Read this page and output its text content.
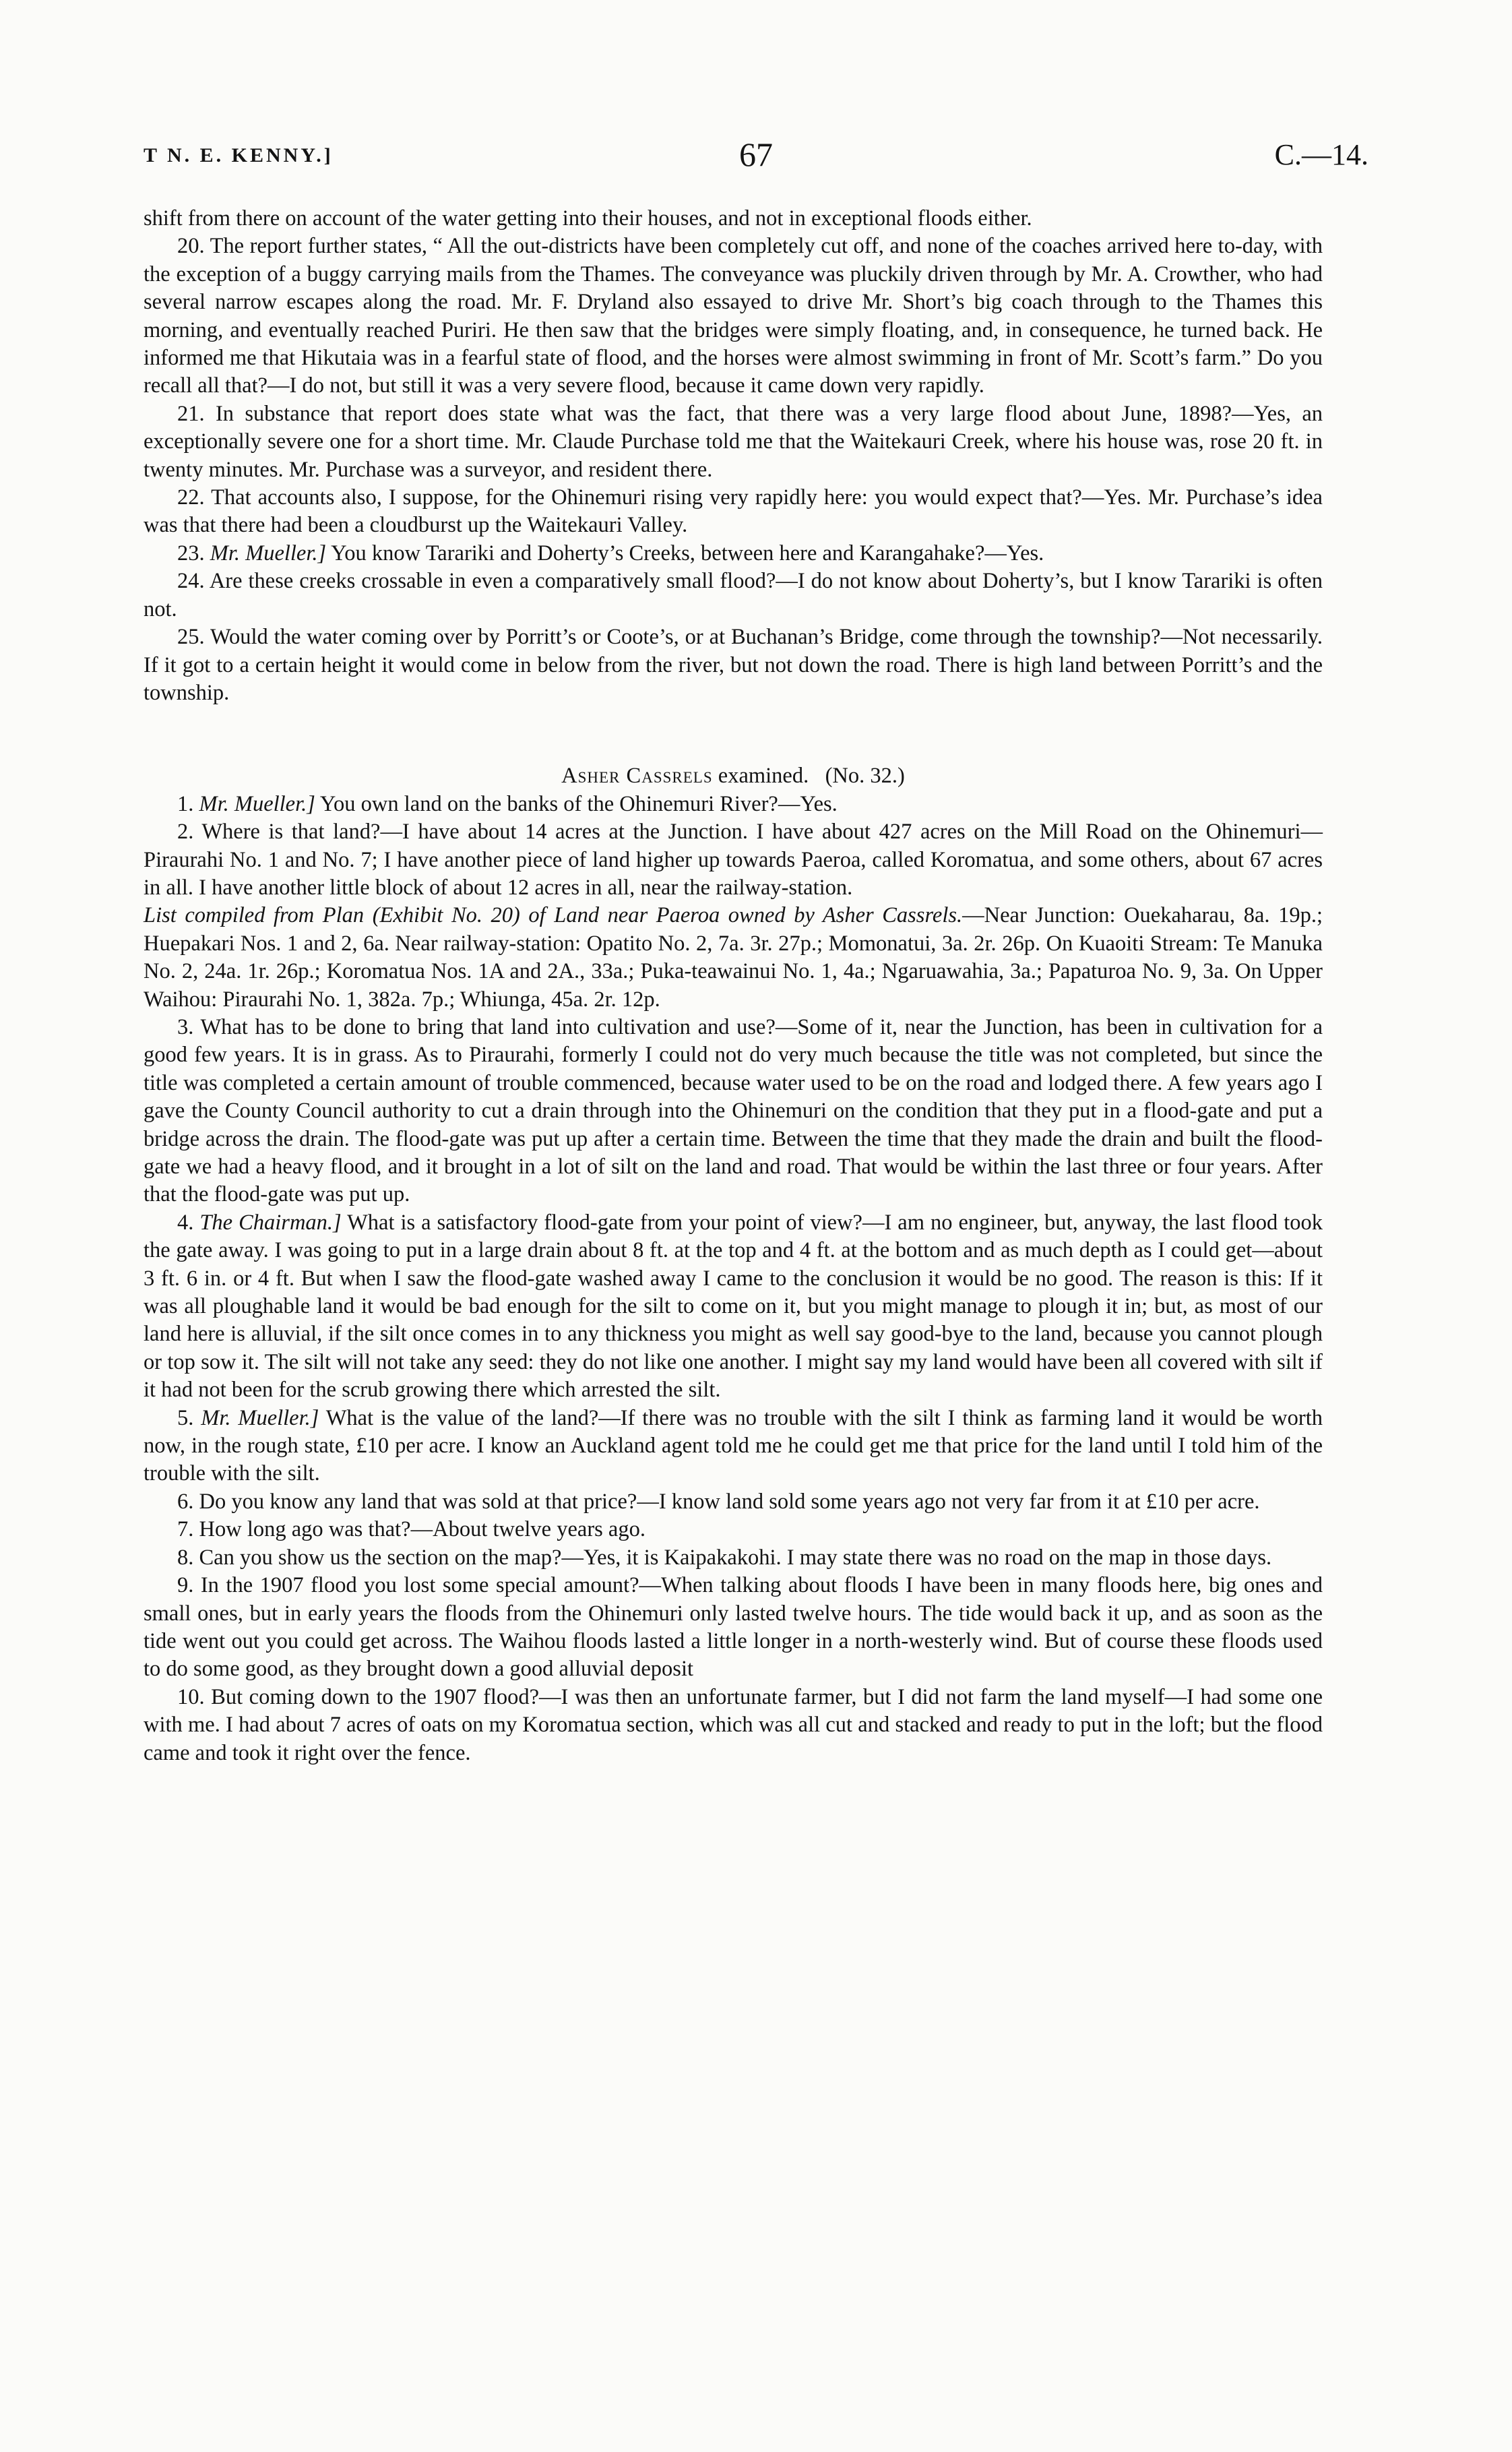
T N. E. KENNY.]	67	C.—14.

shift from there on account of the water getting into their houses, and not in exceptional floods either.

20. The report further states, “ All the out-districts have been completely cut off, and none of the coaches arrived here to-day, with the exception of a buggy carrying mails from the Thames. The conveyance was pluckily driven through by Mr. A. Crowther, who had several narrow escapes along the road. Mr. F. Dryland also essayed to drive Mr. Short’s big coach through to the Thames this morning, and eventually reached Puriri. He then saw that the bridges were simply floating, and, in consequence, he turned back. He informed me that Hikutaia was in a fearful state of flood, and the horses were almost swimming in front of Mr. Scott’s farm.” Do you recall all that?—I do not, but still it was a very severe flood, because it came down very rapidly.

21. In substance that report does state what was the fact, that there was a very large flood about June, 1898?—Yes, an exceptionally severe one for a short time. Mr. Claude Purchase told me that the Waitekauri Creek, where his house was, rose 20 ft. in twenty minutes. Mr. Purchase was a surveyor, and resident there.

22. That accounts also, I suppose, for the Ohinemuri rising very rapidly here: you would expect that?—Yes. Mr. Purchase’s idea was that there had been a cloudburst up the Waitekauri Valley.

23. Mr. Mueller.] You know Tarariki and Doherty’s Creeks, between here and Karangahake?—Yes.

24. Are these creeks crossable in even a comparatively small flood?—I do not know about Doherty’s, but I know Tarariki is often not.

25. Would the water coming over by Porritt’s or Coote’s, or at Buchanan’s Bridge, come through the township?—Not necessarily. If it got to a certain height it would come in below from the river, but not down the road. There is high land between Porritt’s and the township.

Asher Cassrels examined. (No. 32.)

1. Mr. Mueller.] You own land on the banks of the Ohinemuri River?—Yes.

2. Where is that land?—I have about 14 acres at the Junction. I have about 427 acres on the Mill Road on the Ohinemuri—Piraurahi No. 1 and No. 7; I have another piece of land higher up towards Paeroa, called Koromatua, and some others, about 67 acres in all. I have another little block of about 12 acres in all, near the railway-station.

List compiled from Plan (Exhibit No. 20) of Land near Paeroa owned by Asher Cassrels.—Near Junction: Ouekaharau, 8a. 19p.; Huepakari Nos. 1 and 2, 6a. Near railway-station: Opatito No. 2, 7a. 3r. 27p.; Momonatui, 3a. 2r. 26p. On Kuaoiti Stream: Te Manuka No. 2, 24a. 1r. 26p.; Koromatua Nos. 1A and 2A., 33a.; Puka-teawainui No. 1, 4a.; Ngaruawahia, 3a.; Papaturoa No. 9, 3a. On Upper Waihou: Piraurahi No. 1, 382a. 7p.; Whiunga, 45a. 2r. 12p.

3. What has to be done to bring that land into cultivation and use?—Some of it, near the Junction, has been in cultivation for a good few years. It is in grass. As to Piraurahi, formerly I could not do very much because the title was not completed, but since the title was completed a certain amount of trouble commenced, because water used to be on the road and lodged there. A few years ago I gave the County Council authority to cut a drain through into the Ohinemuri on the condition that they put in a flood-gate and put a bridge across the drain. The flood-gate was put up after a certain time. Between the time that they made the drain and built the flood-gate we had a heavy flood, and it brought in a lot of silt on the land and road. That would be within the last three or four years. After that the flood-gate was put up.

4. The Chairman.] What is a satisfactory flood-gate from your point of view?—I am no engineer, but, anyway, the last flood took the gate away. I was going to put in a large drain about 8 ft. at the top and 4 ft. at the bottom and as much depth as I could get—about 3 ft. 6 in. or 4 ft. But when I saw the flood-gate washed away I came to the conclusion it would be no good. The reason is this: If it was all ploughable land it would be bad enough for the silt to come on it, but you might manage to plough it in; but, as most of our land here is alluvial, if the silt once comes in to any thickness you might as well say good-bye to the land, because you cannot plough or top sow it. The silt will not take any seed: they do not like one another. I might say my land would have been all covered with silt if it had not been for the scrub growing there which arrested the silt.

5. Mr. Mueller.] What is the value of the land?—If there was no trouble with the silt I think as farming land it would be worth now, in the rough state, £10 per acre. I know an Auckland agent told me he could get me that price for the land until I told him of the trouble with the silt.

6. Do you know any land that was sold at that price?—I know land sold some years ago not very far from it at £10 per acre.

7. How long ago was that?—About twelve years ago.

8. Can you show us the section on the map?—Yes, it is Kaipakakohi. I may state there was no road on the map in those days.

9. In the 1907 flood you lost some special amount?—When talking about floods I have been in many floods here, big ones and small ones, but in early years the floods from the Ohinemuri only lasted twelve hours. The tide would back it up, and as soon as the tide went out you could get across. The Waihou floods lasted a little longer in a north-westerly wind. But of course these floods used to do some good, as they brought down a good alluvial deposit

10. But coming down to the 1907 flood?—I was then an unfortunate farmer, but I did not farm the land myself—I had some one with me. I had about 7 acres of oats on my Koromatua section, which was all cut and stacked and ready to put in the loft; but the flood came and took it right over the fence.
